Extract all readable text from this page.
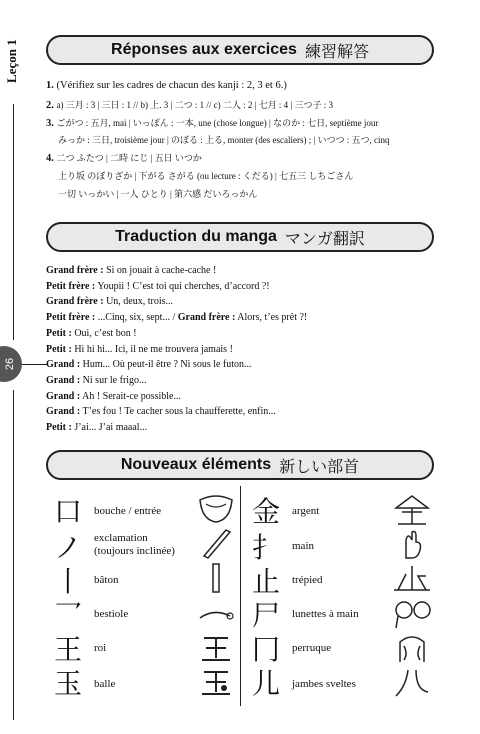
Leçon 1
26
Réponses aux exercices 練習解答
1. (Vérifiez sur les cadres de chacun des kanji : 2, 3 et 6.)
2. a) 三月 : 3 | 三日 : 1 // b) 上. 3 | 二つ : 1 // c) 二人 : 2 | 七月 : 4 | 三つ子 : 3
3. ごがつ : 五月, mai | いっぽん : 一本, une (chose longue) | なのか : 七日, septième jour
みっか : 三日, troisième jour | のぼる : 上る, monter (des escaliers) ; | いつつ : 五つ, cinq
4. 二つ ふたつ | 二時 にじ | 五日 いつか
上り坂 のぼりざか | 下がる さがる (ou lecture : くだる) | 七五三 しちごさん
一切 いっかい | 一人 ひとり | 第六感 だいろっかん
Traduction du manga マンガ翻訳
Grand frère : Si on jouait à cache-cache !
Petit frère : Youpii ! C’est toi qui cherches, d’accord ?!
Grand frère : Un, deux, trois...
Petit frère : ...Cinq, six, sept... / Grand frère : Alors, t’es prêt ?!
Petit : Oui, c’est bon !
Petit : Hi hi hi... Ici, il ne me trouvera jamais !
Grand : Hum... Où peut-il être ? Ni sous le futon...
Grand : Ni sur le frigo...
Grand : Ah ! Serait-ce possible...
Grand : T’es fou ! Te cacher sous la chaufferette, enfin...
Petit : J’ai... J’ai maaal...
Nouveaux éléments 新しい部首
口	bouche / entrée
ノ	exclamation
(toujours inclinée)
丨	bâton
乛	bestiole
王	roi
玉	balle
金	argent
扌	main
止	trépied
尸	lunettes à main
冂	perruque
儿	jambes sveltes
